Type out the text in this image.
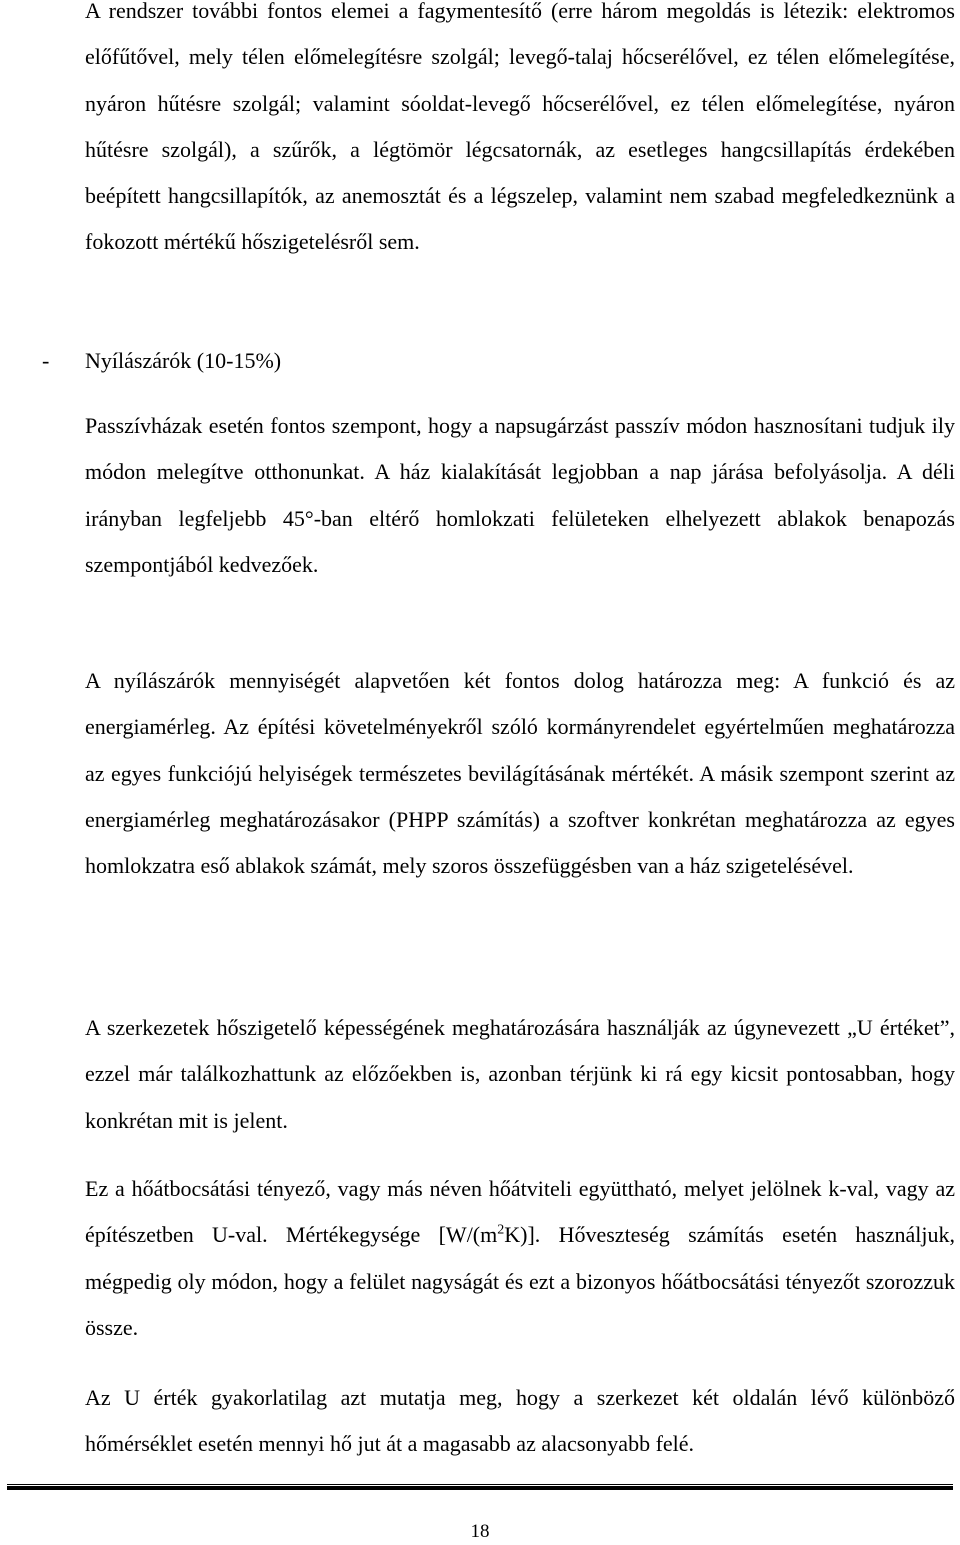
A rendszer további fontos elemei a fagymentesítő (erre három megoldás is létezik: elektromos előfűtővel, mely télen előmelegítésre szolgál; levegő-talaj hőcserélővel, ez télen előmelegítése, nyáron hűtésre szolgál; valamint sóoldat-levegő hőcserélővel, ez télen előmelegítése, nyáron hűtésre szolgál), a szűrők, a légtömör légcsatornák, az esetleges hangcsillapítás érdekében beépített hangcsillapítók, az anemosztát és a légszelep, valamint nem szabad megfeledkeznünk a fokozott mértékű hőszigetelésről sem.

- Nyílászárók (10-15%)

Passzívházak esetén fontos szempont, hogy a napsugárzást passzív módon hasznosítani tudjuk ily módon melegítve otthonunkat. A ház kialakítását legjobban a nap járása befolyásolja. A déli irányban legfeljebb 45°-ban eltérő homlokzati felületeken elhelyezett ablakok benapozás szempontjából kedvezőek.

A nyílászárók mennyiségét alapvetően két fontos dolog határozza meg: A funkció és az energiamérleg. Az építési követelményekről szóló kormányrendelet egyértelműen meghatározza az egyes funkciójú helyiségek természetes bevilágításának mértékét. A másik szempont szerint az energiamérleg meghatározásakor (PHPP számítás) a szoftver konkrétan meghatározza az egyes homlokzatra eső ablakok számát, mely szoros összefüggésben van a ház szigetelésével.

A szerkezetek hőszigetelő képességének meghatározására használják az úgynevezett „U értéket”, ezzel már találkozhattunk az előzőekben is, azonban térjünk ki rá egy kicsit pontosabban, hogy konkrétan mit is jelent.

Ez a hőátbocsátási tényező, vagy más néven hőátviteli együttható, melyet jelölnek k-val, vagy az építészetben U-val. Mértékegysége $[W/(m^2K)]$. Hőveszteség számítás esetén használjuk, mégpedig oly módon, hogy a felület nagyságát és ezt a bizonyos hőátbocsátási tényezőt szorozzuk össze.

Az U érték gyakorlatilag azt mutatja meg, hogy a szerkezet két oldalán lévő különböző hőmérséklet esetén mennyi hő jut át a magasabb az alacsonyabb felé.

18
